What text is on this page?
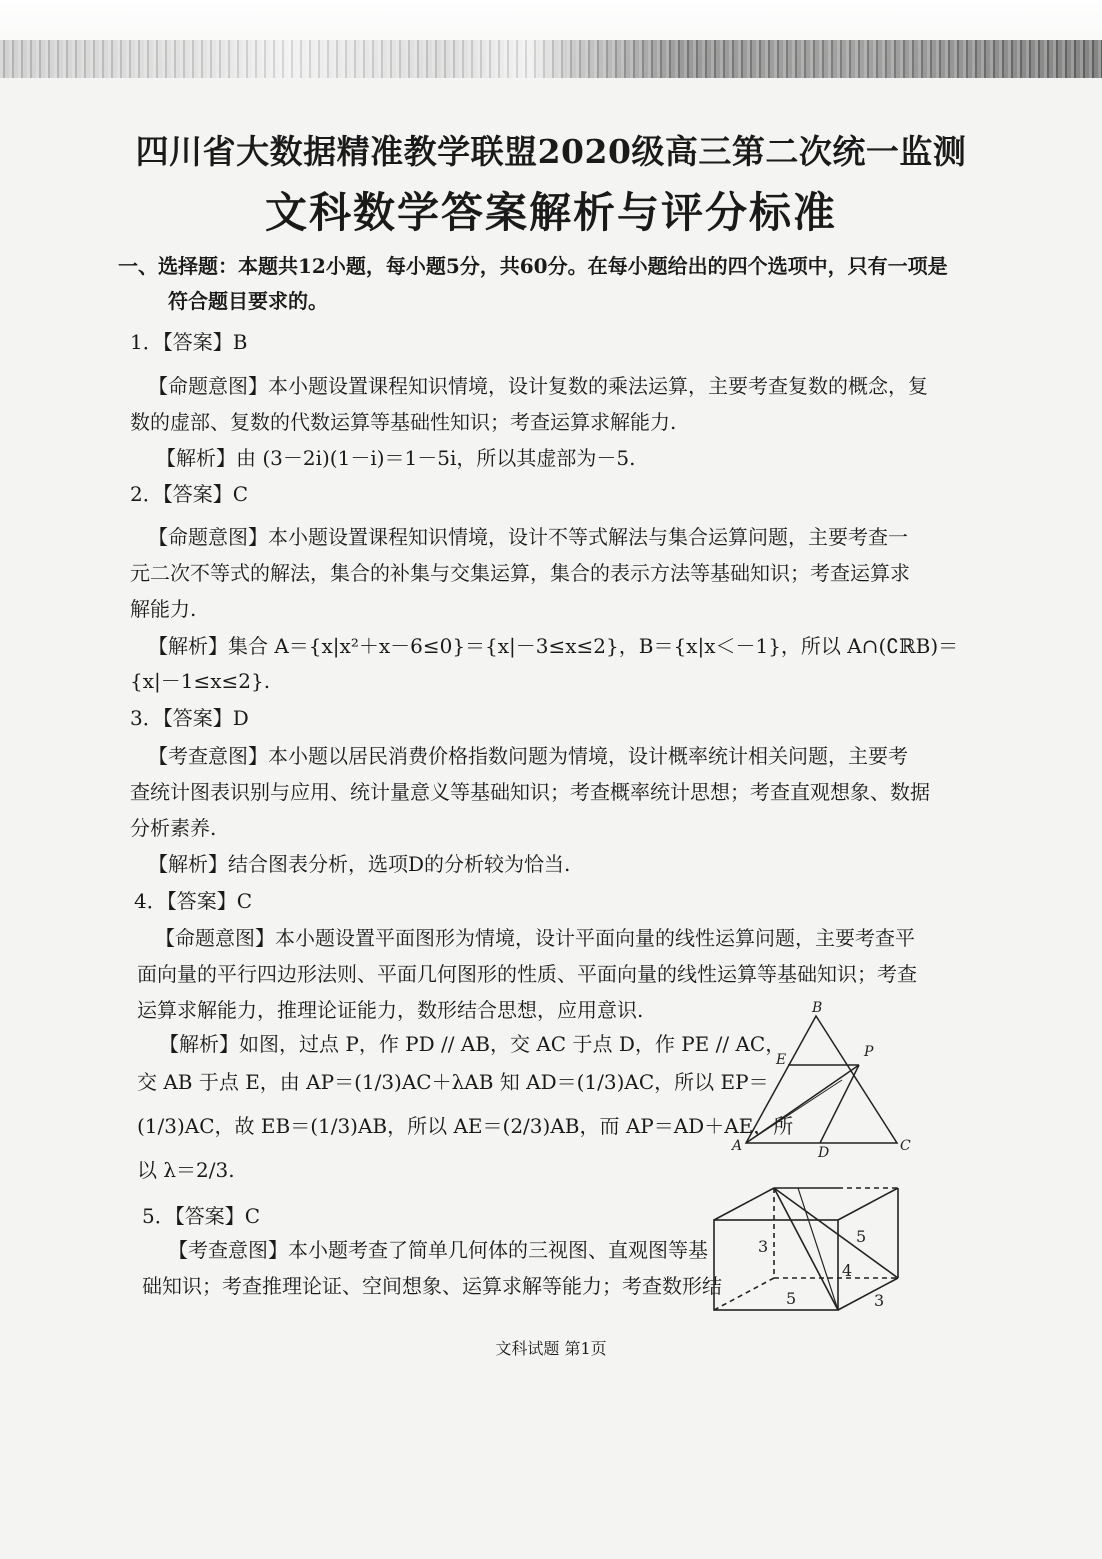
四川省大数据精准教学联盟2020级高三第二次统一监测
文科数学答案解析与评分标准
一、选择题：本题共12小题，每小题5分，共60分。在每小题给出的四个选项中，只有一项是
符合题目要求的。
1．【答案】B
【命题意图】本小题设置课程知识情境，设计复数的乘法运算，主要考查复数的概念，复
数的虚部、复数的代数运算等基础性知识；考查运算求解能力.
【解析】由 (3－2i)(1－i)＝1－5i，所以其虚部为－5.
2．【答案】C
【命题意图】本小题设置课程知识情境，设计不等式解法与集合运算问题，主要考查一
元二次不等式的解法，集合的补集与交集运算，集合的表示方法等基础知识；考查运算求
解能力.
【解析】集合 A＝{x|x²＋x－6≤0}＝{x|－3≤x≤2}，B＝{x|x＜－1}，所以 A∩(∁ℝB)＝
{x|－1≤x≤2}.
3．【答案】D
【考查意图】本小题以居民消费价格指数问题为情境，设计概率统计相关问题，主要考
查统计图表识别与应用、统计量意义等基础知识；考查概率统计思想；考查直观想象、数据
分析素养.
【解析】结合图表分析，选项D的分析较为恰当.
4．【答案】C
【命题意图】本小题设置平面图形为情境，设计平面向量的线性运算问题，主要考查平
面向量的平行四边形法则、平面几何图形的性质、平面向量的线性运算等基础知识；考查
运算求解能力，推理论证能力，数形结合思想，应用意识.
【解析】如图，过点 P，作 PD // AB，交 AC 于点 D，作 PE // AC，
交 AB 于点 E，由 AP＝(1/3)AC＋λAB 知 AD＝(1/3)AC，所以 EP＝
(1/3)AC，故 EB＝(1/3)AB，所以 AE＝(2/3)AB，而 AP＝AD＋AE，所
以 λ＝2/3.
B
E	P
A	D	C
5．【答案】C
【考查意图】本小题考查了简单几何体的三视图、直观图等基
础知识；考查推理论证、空间想象、运算求解等能力；考查数形结
3
5
4
5	3
文科试题 第1页
